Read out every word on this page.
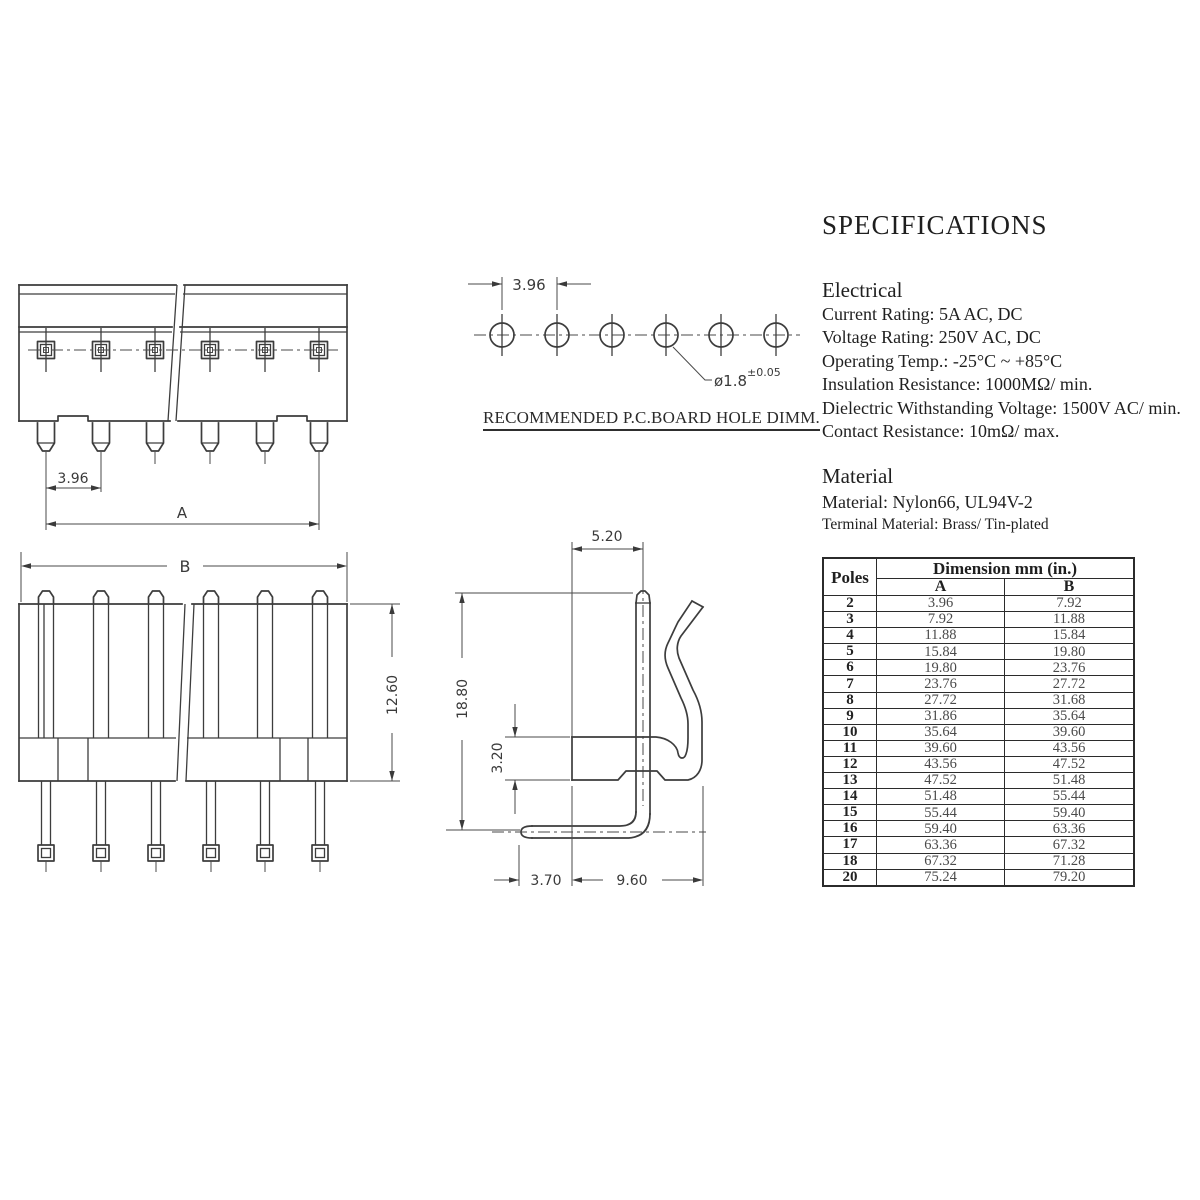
3.96
A
B
12.60
3.96
ø1.8 ±0.05
RECOMMENDED P.C.BOARD HOLE DIMM.
5.20
18.80
3.20
3.70	9.60
SPECIFICATIONS
Electrical
Current Rating: 5A AC, DC
Voltage Rating: 250V AC, DC
Operating Temp.: -25°C ~ +85°C
Insulation Resistance: 1000MΩ/ min.
Dielectric Withstanding Voltage: 1500V AC/ min.
Contact Resistance: 10mΩ/ max.
Material
Material: Nylon66, UL94V-2
Terminal Material: Brass/ Tin-plated
Poles	Dimension mm (in.)	
	A	B
2	3.96	7.92
3	7.92	11.88
4	11.88	15.84
5	15.84	19.80
6	19.80	23.76
7	23.76	27.72
8	27.72	31.68
9	31.86	35.64
10	35.64	39.60
11	39.60	43.56
12	43.56	47.52
13	47.52	51.48
14	51.48	55.44
15	55.44	59.40
16	59.40	63.36
17	63.36	67.32
18	67.32	71.28
20	75.24	79.20
